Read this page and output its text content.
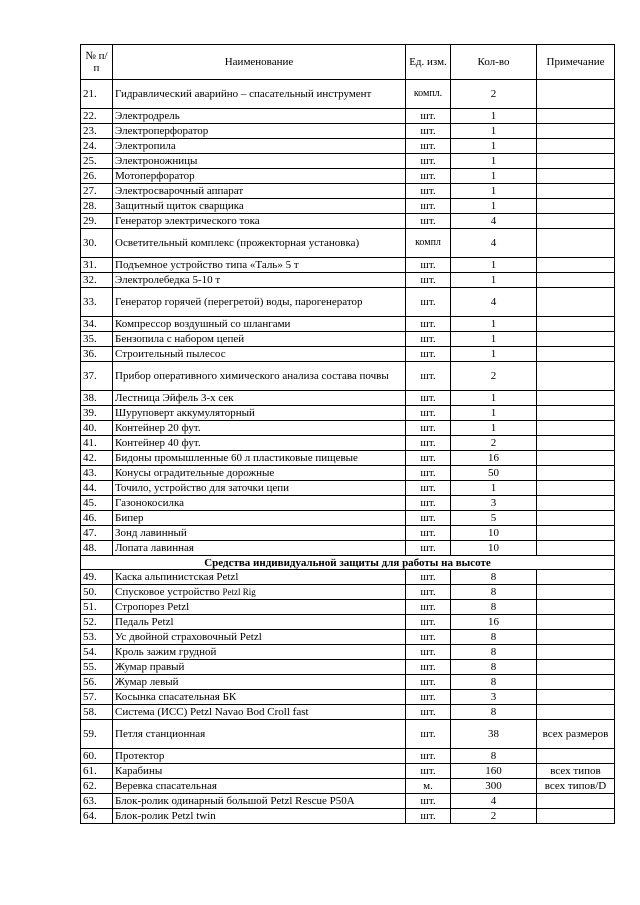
№ п/п	Наименование	Ед. изм.	Кол-во	Примечание
21.	Гидравлический аварийно – спасательный инструмент	компл.	2	
22.	Электродрель	шт.	1	
23.	Электроперфоратор	шт.	1	
24.	Электропила	шт.	1	
25.	Электроножницы	шт.	1	
26.	Мотоперфоратор	шт.	1	
27.	Электросварочный аппарат	шт.	1	
28.	Защитный щиток сварщика	шт.	1	
29.	Генератор электрического тока	шт.	4	
30.	Осветительный комплекс (прожекторная установка)	компл	4	
31.	Подъемное устройство типа «Таль» 5 т	шт.	1	
32.	Электролебедка 5-10 т	шт.	1	
33.	Генератор горячей (перегретой) воды, парогенератор	шт.	4	
34.	Компрессор воздушный со шлангами	шт.	1	
35.	Бензопила с набором цепей	шт.	1	
36.	Строительный пылесос	шт.	1	
37.	Прибор оперативного химического анализа состава почвы	шт.	2	
38.	Лестница Эйфель 3-х сек	шт.	1	
39.	Шуруповерт аккумуляторный	шт.	1	
40.	Контейнер 20 фут.	шт.	1	
41.	Контейнер 40 фут.	шт.	2	
42.	Бидоны промышленные 60 л пластиковые пищевые	шт.	16	
43.	Конусы оградительные дорожные	шт.	50	
44.	Точило, устройство для заточки цепи	шт.	1	
45.	Газонокосилка	шт.	3	
46.	Бипер	шт.	5	
47.	Зонд лавинный	шт.	10	
48.	Лопата лавинная	шт.	10	
Средства индивидуальной защиты для работы на высоте				
49.	Каска альпинистская Petzl	шт.	8	
50.	Спусковое устройство Petzl Rig	шт.	8	
51.	Стропорез Petzl	шт.	8	
52.	Педаль Petzl	шт.	16	
53.	Ус двойной страховочный Petzl	шт.	8	
54.	Кроль зажим грудной	шт.	8	
55.	Жумар правый	шт.	8	
56.	Жумар левый	шт.	8	
57.	Косынка спасательная БК	шт.	3	
58.	Система (ИСС) Petzl Navao Bod Croll fast	шт.	8	
59.	Петля станционная	шт.	38	всех размеров
60.	Протектор	шт.	8	
61.	Карабины	шт.	160	всех типов
62.	Веревка спасательная	м.	300	всех типов/D
63.	Блок-ролик одинарный большой Petzl Rescue P50A	шт.	4	
64.	Блок-ролик Petzl twin	шт.	2	
